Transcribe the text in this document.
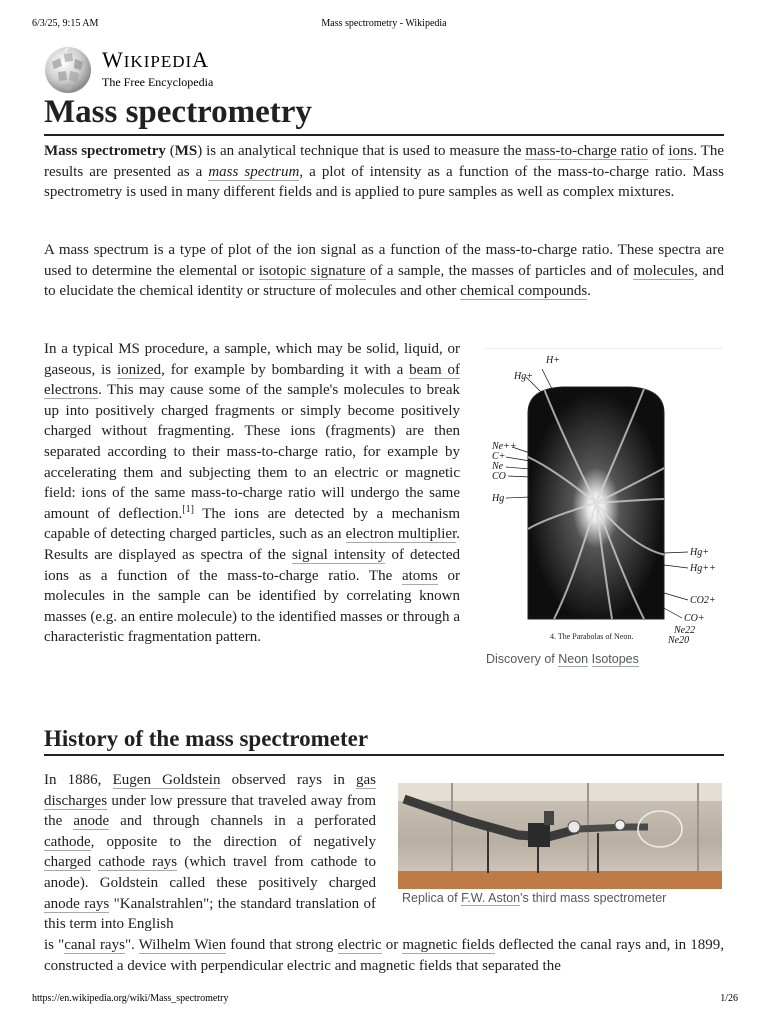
6/3/25, 9:15 AM	Mass spectrometry - Wikipedia
WIKIPEDIA
The Free Encyclopedia
Mass spectrometry

Mass spectrometry (MS) is an analytical technique that is used to measure the mass-to-charge ratio of ions. The results are presented as a mass spectrum, a plot of intensity as a function of the mass-to-charge ratio. Mass spectrometry is used in many different fields and is applied to pure samples as well as complex mixtures.

A mass spectrum is a type of plot of the ion signal as a function of the mass-to-charge ratio. These spectra are used to determine the elemental or isotopic signature of a sample, the masses of particles and of molecules, and to elucidate the chemical identity or structure of molecules and other chemical compounds.

In a typical MS procedure, a sample, which may be solid, liquid, or gaseous, is ionized, for example by bombarding it with a beam of electrons. This may cause some of the sample's molecules to break up into positively charged fragments or simply become positively charged without fragmenting. These ions (fragments) are then separated according to their mass-to-charge ratio, for example by accelerating them and subjecting them to an electric or magnetic field: ions of the same mass-to-charge ratio will undergo the same amount of deflection.[1] The ions are detected by a mechanism capable of detecting charged particles, such as an electron multiplier. Results are displayed as spectra of the signal intensity of detected ions as a function of the mass-to-charge ratio. The atoms or molecules in the sample can be identified by correlating known masses (e.g. an entire molecule) to the identified masses or through a characteristic fragmentation pattern.

H+
Hg+
Ne++
C+
Ne
CO
Hg
Hg+
Hg++
CO2+
CO+
Ne22
Ne20
4. The Parabolas of Neon.
Discovery of Neon Isotopes
History of the mass spectrometer

In 1886, Eugen Goldstein observed rays in gas discharges under low pressure that traveled away from the anode and through channels in a perforated cathode, opposite to the direction of negatively charged cathode rays (which travel from cathode to anode). Goldstein called these positively charged anode rays "Kanalstrahlen"; the standard translation of this term into English

is "canal rays". Wilhelm Wien found that strong electric or magnetic fields deflected the canal rays and, in 1899, constructed a device with perpendicular electric and magnetic fields that separated the

Replica of F.W. Aston's third mass spectrometer
https://en.wikipedia.org/wiki/Mass_spectrometry	1/26
